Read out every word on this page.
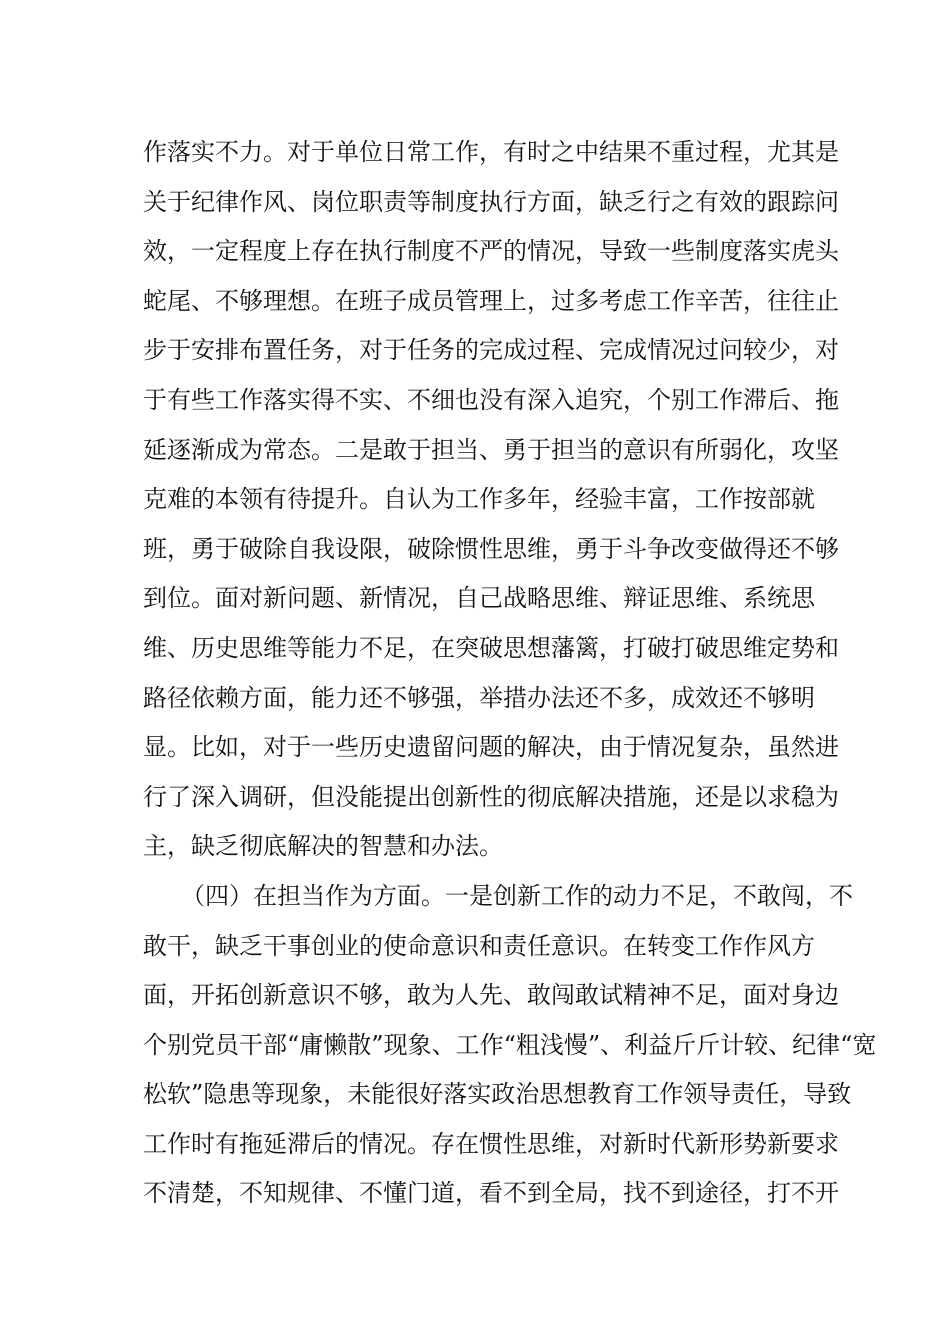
作 落 实 不 力 。 对 于 单 位 日 常 工 作 ， 有 时 之 中 结 果 不 重 过 程 ， 尤 其 是
关 于 纪 律 作 风 、 岗 位 职 责 等 制 度 执 行 方 面 ， 缺 乏 行 之 有 效 的 跟 踪 问
效 ， 一 定 程 度 上 存 在 执 行 制 度 不 严 的 情 况 ， 导 致 一 些 制 度 落 实 虎 头
蛇 尾 、 不 够 理 想 。 在 班 子 成 员 管 理 上 ， 过 多 考 虑 工 作 辛 苦 ， 往 往 止
步 于 安 排 布 置 任 务 ， 对 于 任 务 的 完 成 过 程 、 完 成 情 况 过 问 较 少 ， 对
于 有 些 工 作 落 实 得 不 实 、 不 细 也 没 有 深 入 追 究 ， 个 别 工 作 滞 后 、 拖
延 逐 渐 成 为 常 态 。 二 是 敢 于 担 当 、 勇 于 担 当 的 意 识 有 所 弱 化 ， 攻 坚
克 难 的 本 领 有 待 提 升 。 自 认 为 工 作 多 年 ， 经 验 丰 富 ， 工 作 按 部 就
班 ， 勇 于 破 除 自 我 设 限 ， 破 除 惯 性 思 维 ， 勇 于 斗 争 改 变 做 得 还 不 够
到 位 。 面 对 新 问 题 、 新 情 况 ， 自 己 战 略 思 维 、 辩 证 思 维 、 系 统 思
维 、 历 史 思 维 等 能 力 不 足 ， 在 突 破 思 想 藩 篱 ， 打 破 打 破 思 维 定 势 和
路 径 依 赖 方 面 ， 能 力 还 不 够 强 ， 举 措 办 法 还 不 多 ， 成 效 还 不 够 明
显 。 比 如 ， 对 于 一 些 历 史 遗 留 问 题 的 解 决 ， 由 于 情 况 复 杂 ， 虽 然 进
行 了 深 入 调 研 ， 但 没 能 提 出 创 新 性 的 彻 底 解 决 措 施 ， 还 是 以 求 稳 为
主，缺乏彻底解决的智慧和办法。
（ 四 ） 在 担 当 作 为 方 面 。 一 是 创 新 工 作 的 动 力 不 足 ， 不 敢 闯 ， 不
敢 干 ， 缺 乏 干 事 创 业 的 使 命 意 识 和 责 任 意 识 。 在 转 变 工 作 作 风 方
面 ， 开 拓 创 新 意 识 不 够 ， 敢 为 人 先 、 敢 闯 敢 试 精 神 不 足 ， 面 对 身 边
个 别 党 员 干 部 “ 庸 懒 散 ” 现 象 、 工 作 “ 粗 浅 慢 ” 、 利 益 斤 斤 计 较 、 纪 律 “ 宽
松 软 ” 隐 患 等 现 象 ， 未 能 很 好 落 实 政 治 思 想 教 育 工 作 领 导 责 任 ， 导 致
工 作 时 有 拖 延 滞 后 的 情 况 。 存 在 惯 性 思 维 ， 对 新 时 代 新 形 势 新 要 求
不 清 楚 ， 不 知 规 律 、 不 懂 门 道 ， 看 不 到 全 局 ， 找 不 到 途 径 ， 打 不 开
